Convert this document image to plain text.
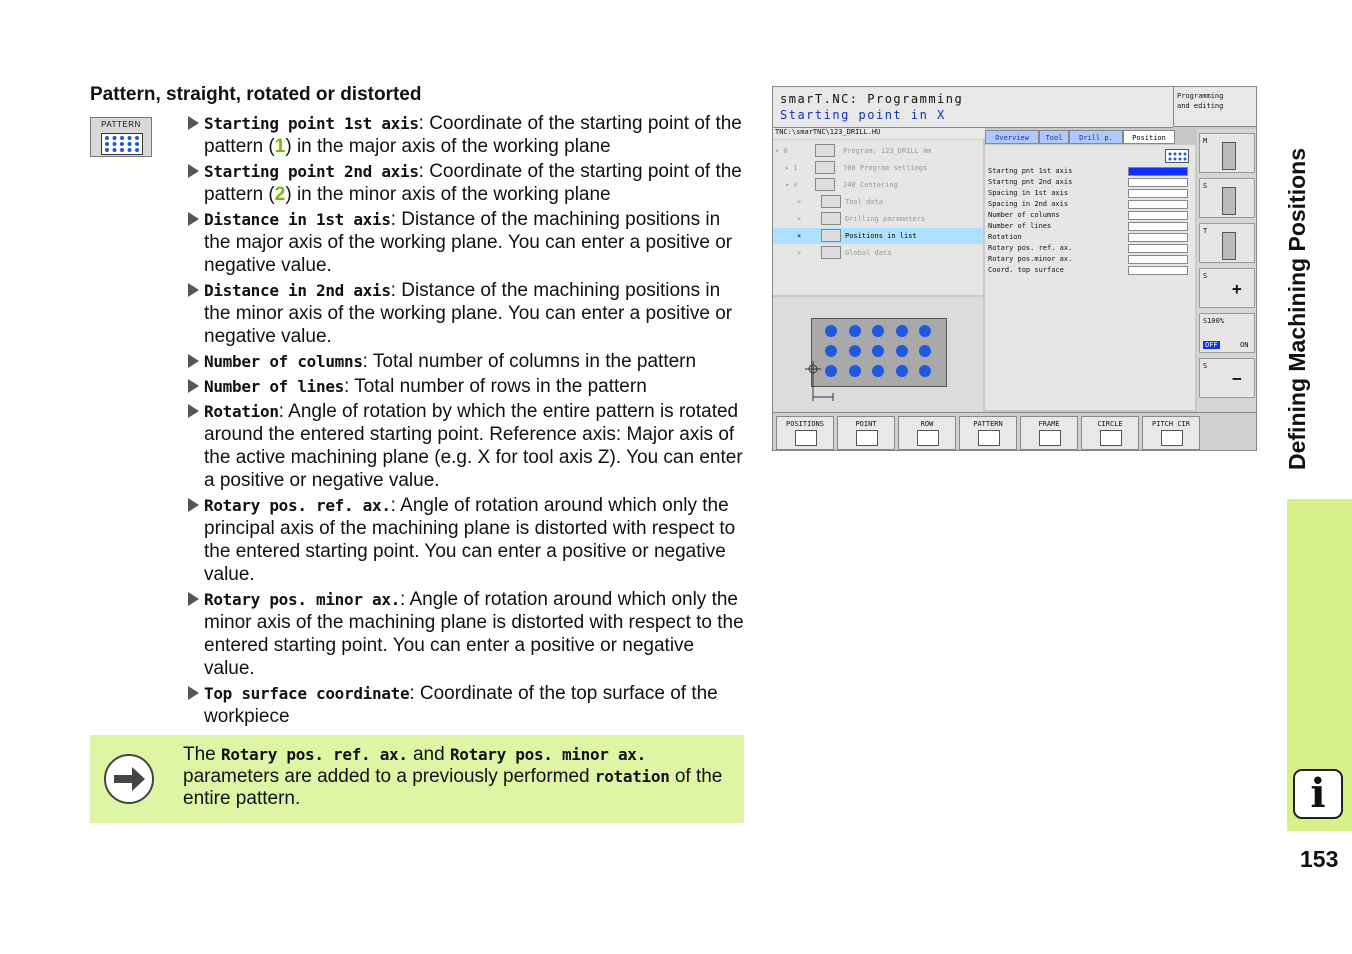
Pattern, straight, rotated or distorted
PATTERN	Starting point 1st axis: Coordinate of the starting point of the pattern (1) in the major axis of the working plane
Starting point 2nd axis: Coordinate of the starting point of the pattern (2) in the minor axis of the working plane
Distance in 1st axis: Distance of the machining positions in the major axis of the working plane. You can enter a positive or negative value.
Distance in 2nd axis: Distance of the machining positions in the minor axis of the working plane. You can enter a positive or negative value.
Number of columns: Total number of columns in the pattern
Number of lines: Total number of rows in the pattern
Rotation: Angle of rotation by which the entire pattern is rotated around the entered starting point. Reference axis: Major axis of the active machining plane (e.g. X for tool axis Z). You can enter a positive or negative value.
Rotary pos. ref. ax.: Angle of rotation around which only the principal axis of the machining plane is distorted with respect to the entered starting point. You can enter a positive or negative value.
Rotary pos. minor ax.: Angle of rotation around which only the minor axis of the machining plane is distorted with respect to the entered starting point. You can enter a positive or negative value.
Top surface coordinate: Coordinate of the top surface of the workpiece
The Rotary pos. ref. ax. and Rotary pos. minor ax. parameters are added to a previously performed rotation of the entire pattern.
Defining Machining Positions
i
153
smarT.NC: Programming
Starting point in X
Programming
and editing
TNC:\smarTNC\123_DRILL.HU
▾ 0	Program: 123_DRILL mm
▸ 1	700 Program settings
▾ ×	240 Centering
×	Tool data
×	Drilling parameters
×	Positions in list
×	Global data
Overview	Tool	Drill p.	Position
Startng pnt 1st axis
Startng pnt 2nd axis
Spacing in 1st axis
Spacing in 2nd axis
Number of columns
Number of lines
Rotation
Rotary pos. ref. ax.
Rotary pos.minor ax.
Coord. top surface
M
S
T
S
+
S100%
OFF	ON
S
−
POSITIONS	POINT	ROW	PATTERN	FRAME	CIRCLE	PITCH CIR
